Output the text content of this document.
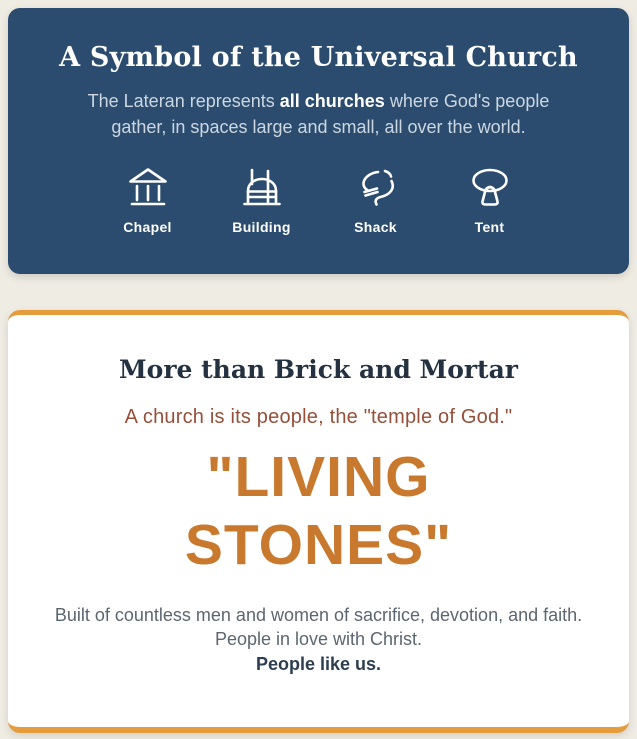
A Symbol of the Universal Church

The Lateran represents all churches where God's people gather, in spaces large and small, all over the world.

Chapel	Building	Shack	Tent
More than Brick and Mortar

A church is its people, the "temple of God."

"LIVING STONES"

Built of countless men and women of sacrifice, devotion, and faith. People in love with Christ.

People like us.
